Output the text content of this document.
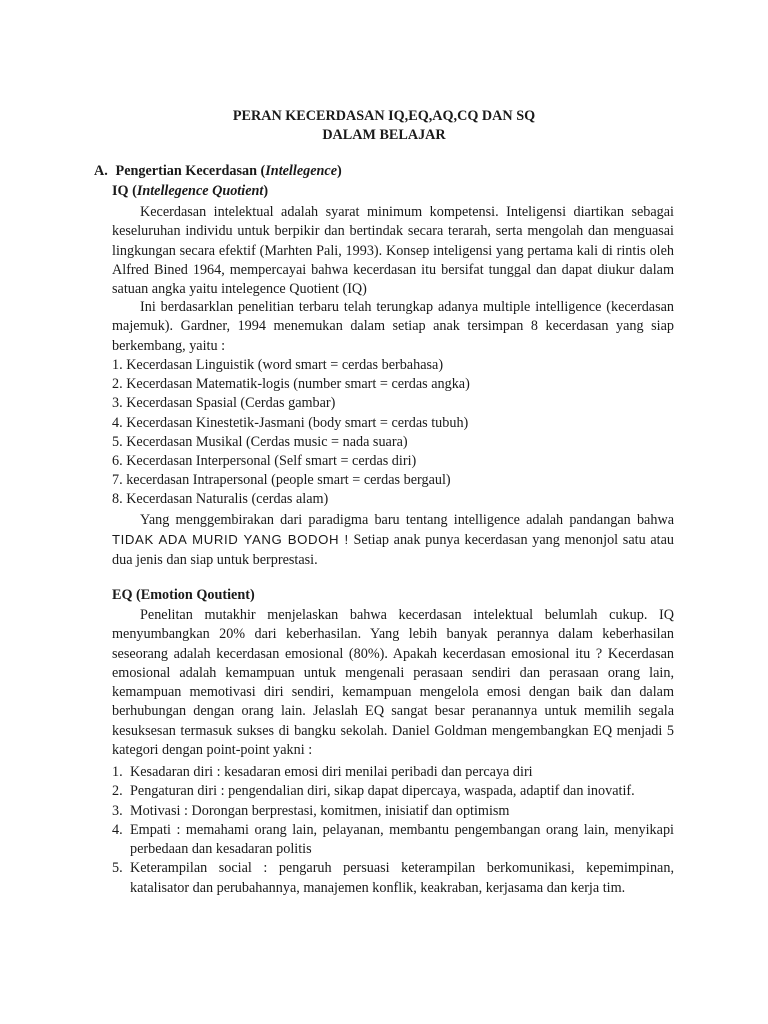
PERAN KECERDASAN IQ,EQ,AQ,CQ DAN SQ
DALAM BELAJAR
A. Pengertian Kecerdasan (Intellegence)
IQ (Intellegence Quotient)
Kecerdasan intelektual adalah syarat minimum kompetensi. Inteligensi diartikan sebagai keseluruhan individu untuk berpikir dan bertindak secara terarah, serta mengolah dan menguasai lingkungan secara efektif (Marhten Pali, 1993). Konsep inteligensi yang pertama kali di rintis oleh Alfred Bined 1964, mempercayai bahwa kecerdasan itu bersifat tunggal dan dapat diukur dalam satuan angka yaitu intelegence Quotient (IQ)
Ini berdasarklan penelitian terbaru telah terungkap adanya multiple intelligence (kecerdasan majemuk). Gardner, 1994 menemukan dalam setiap anak tersimpan 8 kecerdasan yang siap berkembang, yaitu :
1. Kecerdasan Linguistik (word smart = cerdas berbahasa)
2. Kecerdasan Matematik-logis (number smart = cerdas angka)
3. Kecerdasan Spasial (Cerdas gambar)
4. Kecerdasan Kinestetik-Jasmani (body smart = cerdas tubuh)
5. Kecerdasan Musikal (Cerdas music = nada suara)
6. Kecerdasan Interpersonal (Self smart = cerdas diri)
7. kecerdasan Intrapersonal (people smart = cerdas bergaul)
8. Kecerdasan Naturalis (cerdas alam)
Yang menggembirakan dari paradigma baru tentang intelligence adalah pandangan bahwa TIDAK ADA MURID YANG BODOH ! Setiap anak punya kecerdasan yang menonjol satu atau dua jenis dan siap untuk berprestasi.
EQ (Emotion Qoutient)
Penelitan mutakhir menjelaskan bahwa kecerdasan intelektual belumlah cukup. IQ menyumbangkan 20% dari keberhasilan. Yang lebih banyak perannya dalam keberhasilan seseorang adalah kecerdasan emosional (80%). Apakah kecerdasan emosional itu ? Kecerdasan emosional adalah kemampuan untuk mengenali perasaan sendiri dan perasaan orang lain, kemampuan memotivasi diri sendiri, kemampuan mengelola emosi dengan baik dan dalam berhubungan dengan orang lain. Jelaslah EQ sangat besar peranannya untuk memilih segala kesuksesan termasuk sukses di bangku sekolah. Daniel Goldman mengembangkan EQ menjadi 5 kategori dengan point-point yakni :
1. Kesadaran diri : kesadaran emosi diri menilai peribadi dan percaya diri
2. Pengaturan diri : pengendalian diri, sikap dapat dipercaya, waspada, adaptif dan inovatif.
3. Motivasi : Dorongan berprestasi, komitmen, inisiatif dan optimism
4. Empati : memahami orang lain, pelayanan, membantu pengembangan orang lain, menyikapi perbedaan dan kesadaran politis
5. Keterampilan social : pengaruh persuasi keterampilan berkomunikasi, kepemimpinan, katalisator dan perubahannya, manajemen konflik, keakraban, kerjasama dan kerja tim.
